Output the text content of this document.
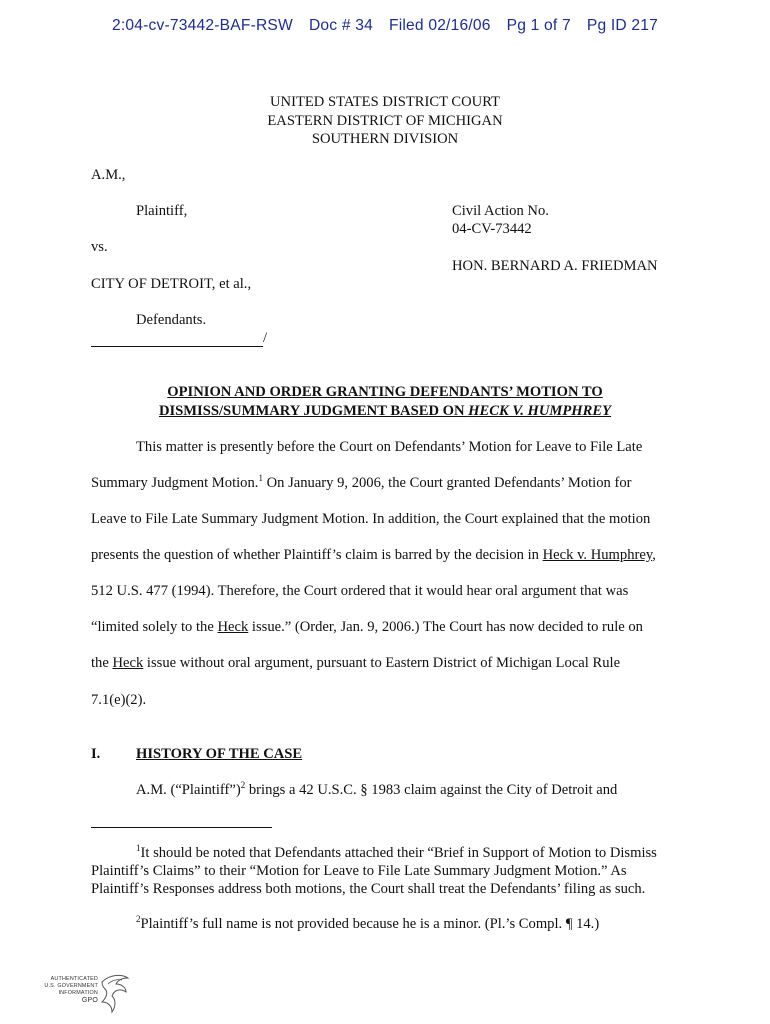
2:04-cv-73442-BAF-RSW Doc # 34 Filed 02/16/06 Pg 1 of 7 Pg ID 217
UNITED STATES DISTRICT COURT
EASTERN DISTRICT OF MICHIGAN
SOUTHERN DIVISION
A.M.,
Plaintiff,	Civil Action No.
04-CV-73442
vs.
HON. BERNARD A. FRIEDMAN
CITY OF DETROIT, et al.,
Defendants.
/
OPINION AND ORDER GRANTING DEFENDANTS’ MOTION TO
DISMISS/SUMMARY JUDGMENT BASED ON HECK V. HUMPHREY
This matter is presently before the Court on Defendants’ Motion for Leave to File Late
Summary Judgment Motion.$^1$ On January 9, 2006, the Court granted Defendants’ Motion for
Leave to File Late Summary Judgment Motion. In addition, the Court explained that the motion
presents the question of whether Plaintiff’s claim is barred by the decision in Heck v. Humphrey,
512 U.S. 477 (1994). Therefore, the Court ordered that it would hear oral argument that was
“limited solely to the Heck issue.” (Order, Jan. 9, 2006.) The Court has now decided to rule on
the Heck issue without oral argument, pursuant to Eastern District of Michigan Local Rule
7.1(e)(2).
I. HISTORY OF THE CASE
A.M. (“Plaintiff”)$^2$ brings a 42 U.S.C. § 1983 claim against the City of Detroit and
$^1$It should be noted that Defendants attached their “Brief in Support of Motion to Dismiss
Plaintiff’s Claims” to their “Motion for Leave to File Late Summary Judgment Motion.” As
Plaintiff’s Responses address both motions, the Court shall treat the Defendants’ filing as such.
$^2$Plaintiff’s full name is not provided because he is a minor. (Pl.’s Compl. ¶ 14.)
AUTHENTICATED
U.S. GOVERNMENT
INFORMATION
GPO
